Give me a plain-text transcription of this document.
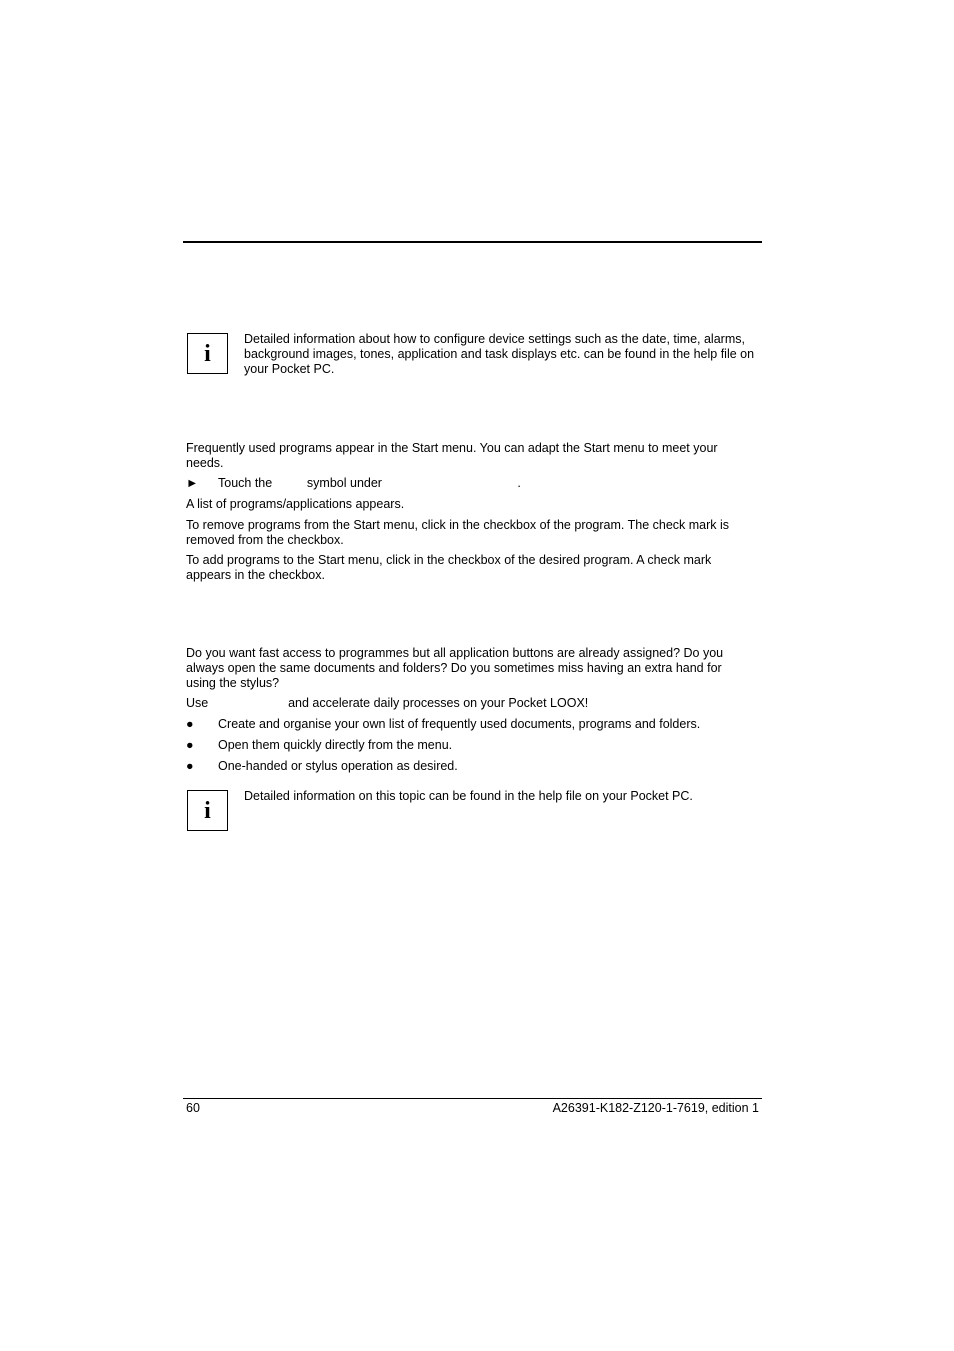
i

Detailed information about how to configure device settings such as the date, time, alarms, background images, tones, application and task displays etc. can be found in the help file on your Pocket PC.

Frequently used programs appear in the Start menu. You can adapt the Start menu to meet your needs.

► Touch the          symbol under                                       .

A list of programs/applications appears.

To remove programs from the Start menu, click in the checkbox of the program. The check mark is removed from the checkbox.

To add programs to the Start menu, click in the checkbox of the desired program. A check mark appears in the checkbox.

Do you want fast access to programmes but all application buttons are already assigned? Do you always open the same documents and folders? Do you sometimes miss having an extra hand for using the stylus?

Use                       and accelerate daily processes on your Pocket LOOX!

● Create and organise your own list of frequently used documents, programs and folders.

● Open them quickly directly from the menu.

● One-handed or stylus operation as desired.

i

Detailed information on this topic can be found in the help file on your Pocket PC.

60	A26391-K182-Z120-1-7619, edition 1
